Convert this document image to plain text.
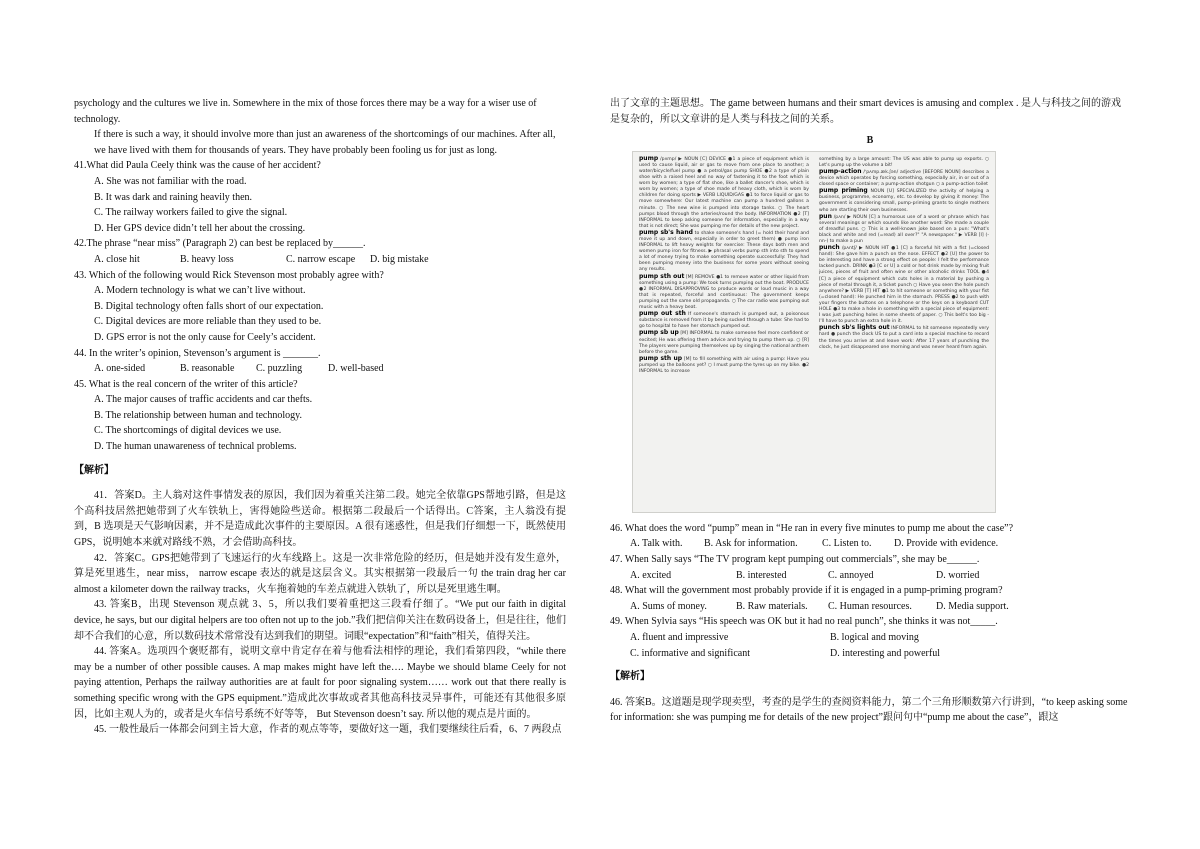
psychology and the cultures we live in. Somewhere in the mix of those forces there may be a way for a wiser use of technology.

If there is such a way, it should involve more than just an awareness of the shortcomings of our machines. After all, we have lived with them for thousands of years. They have probably been fooling us for just as long.

41.What did Paula Ceely think was the cause of her accident?

A. She was not familiar with the road.

B. It was dark and raining heavily then.

C. The railway workers failed to give the signal.

D. Her GPS device didn’t tell her about the crossing.

42.The phrase “near miss” (Paragraph 2) can best be replaced by______.

A. close hit	B. heavy loss	C. narrow escape	D. big mistake

43. Which of the following would Rick Stevenson most probably agree with?

A. Modern technology is what we can’t live without.

B. Digital technology often falls short of our expectation.

C. Digital devices are more reliable than they used to be.

D. GPS error is not the only cause for Ceely’s accident.

44. In the writer’s opinion, Stevenson’s argument is _______.

A. one-sided	B. reasonable	C. puzzling	D. well-based

45. What is the real concern of the writer of this article?

A. The major causes of traffic accidents and car thefts.

B. The relationship between human and technology.

C. The shortcomings of digital devices we use.

D. The human unawareness of technical problems.

【解析】

41．答案D。主人翁对这件事情发表的原因，我们因为着重关注第二段。她完全依靠GPS帮地引路，但是这个高科技居然把她带到了火车铁轨上，害得她险些送命。根据第二段最后一个话得出。C答案，主人翁没有提到，B 选项是天气影响因素，并不是造成此次事件的主要原因。A 很有迷惑性，但是我们仔细想一下，既然使用GPS，说明她本来就对路线不熟，才会借助高科技。

42．答案C。GPS把她带到了飞速运行的火车线路上。这是一次非常危险的经历，但是她并没有发生意外，算是死里逃生，near miss， narrow escape 表达的就是这层含义。其实根据第一段最后一句 the train drag her car almost a kilometer down the railway tracks，火车拖着她的车差点就进入铁轨了，所以是死里逃生啊。

43. 答案B，出现 Stevenson 观点就 3、5，所以我们要着重把这三段看仔细了。“We put our faith in digital device, he says, but our digital helpers are too often not up to the job.”我们把信仰关注在数码设备上，但是往往，他们却不合我们的心意，所以数码技术常常没有达到我们的期望。词眼“expectation”和“faith”相关，值得关注。

44. 答案A。选项四个褒贬都有，说明文章中肯定存在着与他看法相悖的理论，我们看第四段，“while there may be a number of other possible causes. A map makes might have left the…. Maybe we should blame Ceely for not paying attention, Perhaps the railway authorities are at fault for poor signaling system…… work out that there really is something specific wrong with the GPS equipment.”造成此次事故或者其他高科技灵异事件，可能还有其他很多原因，比如主观人为的，或者是火车信号系统不好等等， But Stevenson doesn’t say. 所以他的观点是片面的。

45. 一般性最后一体都会问到主旨大意，作者的观点等等，要做好这一题，我们要继续往后看，6、7 两段点

出了文章的主题思想。The game between humans and their smart devices is amusing and complex . 是人与科技之间的游戏是复杂的，所以文章讲的是人类与科技之间的关系。

B

pump /pʌmp/ ▶ NOUN [C] DEVICE ●1 a piece of equipment which is used to cause liquid, air or gas to move from one place to another; a water/bicycle/fuel pump ● a petrol/gas pump SHOE ●2 a type of plain shoe with a raised heel and no way of fastening it to the foot which is worn by women; a type of flat shoe, like a ballet dancer's shoe, which is worn by women; a type of shoe made of heavy cloth, which is worn by children for doing sports ▶ VERB LIQUID/GAS ●1 to force liquid or gas to move somewhere: Our latest machine can pump a hundred gallons a minute. ○ The new wine is pumped into storage tanks. ○ The heart pumps blood through the arteries/round the body. INFORMATION ●2 [T] INFORMAL to keep asking someone for information, especially in a way that is not direct; She was pumping me for details of the new project.
pump sb's hand to shake someone's hand (= hold their hand and move it up and down, especially in order to greet them) ● pump iron INFORMAL to lift heavy weights for exercise: These days both men and women pump iron for fitness. ▶ phrasal verbs pump sth into sth to spend a lot of money trying to make something operate successfully: They had been pumping money into the business for some years without seeing any results.
pump sth out [M] REMOVE ●1 to remove water or other liquid from something using a pump: We took turns pumping out the boat. PRODUCE ●2 INFORMAL DISAPPROVING to produce words or loud music in a way that is repeated, forceful and continuous: The government keeps pumping out the same old propaganda. ○ The car radio was pumping out music with a heavy beat.
pump out sth If someone's stomach is pumped out, a poisonous substance is removed from it by being sucked through a tube: She had to go to hospital to have her stomach pumped out.
pump sb up [M] INFORMAL to make someone feel more confident or excited; He was offering them advice and trying to pump them up. ○ [R] The players were pumping themselves up by singing the national anthem before the game.
pump sth up [M] to fill something with air using a pump: Have you pumped up the balloons yet? ○ I must pump the tyres up on my bike. ●2 INFORMAL to increase
something by a large amount: The US was able to pump up exports. ○ Let's pump up the volume a bit!
pump-action /ˈpʌmp.æk.ʃən/ adjective [BEFORE NOUN] describes a device which operates by forcing something, especially air, in or out of a closed space or container; a pump-action shotgun ○ a pump-action toilet
pump priming NOUN [U] SPECIALIZED the activity of helping a business, programme, economy, etc. to develop by giving it money: The government is considering small, pump-priming grants to single mothers who are starting their own businesses.
pun /pʌn/ ▶ NOUN [C] a humorous use of a word or phrase which has several meanings or which sounds like another word: She made a couple of dreadful puns. ○ This is a well-known joke based on a pun: "What's black and white and red (=read) all over?" "A newspaper." ▶ VERB [I] (-nn-) to make a pun
punch /pʌntʃ/ ▶ NOUN HIT ●1 [C] a forceful hit with a fist (=closed hand): She gave him a punch on the nose. EFFECT ●2 [U] the power to be interesting and have a strong effect on people: I felt the performance lacked punch. DRINK ●3 [C or U] a cold or hot drink made by mixing fruit juices, pieces of fruit and often wine or other alcoholic drinks TOOL ●4 [C] a piece of equipment which cuts holes in a material by pushing a piece of metal through it, a ticket punch ○ Have you seen the hole punch anywhere? ▶ VERB [T] HIT ●1 to hit someone or something with your fist (=closed hand): He punched him in the stomach. PRESS ●2 to push with your fingers the buttons on a telephone or the keys on a keyboard CUT HOLE ●3 to make a hole in something with a special piece of equipment: I was just punching holes in some sheets of paper. ○ This belt's too big - I'll have to punch an extra hole in it.
punch sb's lights out INFORMAL to hit someone repeatedly very hard ● punch the clock US to put a card into a special machine to record the times you arrive at and leave work: After 17 years of punching the clock, he just disappeared one morning and was never heard from again.

46. What does the word “pump” mean in “He ran in every five minutes to pump me about the case”?

A. Talk with.	B. Ask for information.	C. Listen to.	D. Provide with evidence.

47. When Sally says “The TV program kept pumping out commercials”, she may be______.

A. excited	B. interested	C. annoyed	D. worried

48. What will the government most probably provide if it is engaged in a pump-priming program?

A. Sums of money.	B. Raw materials.	C. Human resources.	D. Media support.

49. When Sylvia says “His speech was OK but it had no real punch”, she thinks it was not_____.

A. fluent and impressive	B. logical and moving
C. informative and significant	D. interesting and powerful

【解析】

46. 答案B。这道题是现学现卖型，考查的是学生的查阅资料能力，第二个三角形顺数第六行讲到，“to keep asking some for information: she was pumping me for details of the new project”跟问句中“pump me about the case”，跟这
